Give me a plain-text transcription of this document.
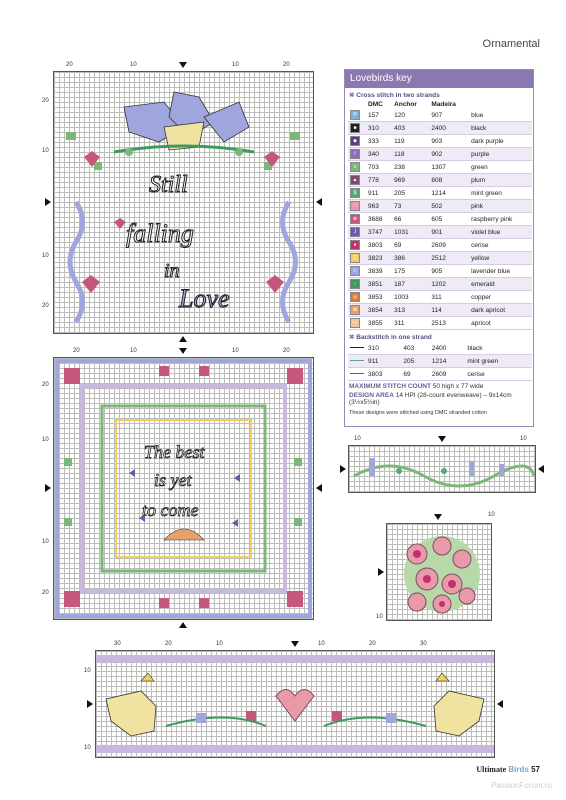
Ornamental
Still
falling
in
Love
20	10	10	20
20
10
10
20
The best
is yet
to come
20	10	10	20
20
10
10
20
Lovebirds key
✖ Cross stitch in two strands
	DMC	Anchor	Madeira	
P	157	120	907	blue
■	310	403	2400	black
◆	333	119	903	dark purple
I	340	118	902	purple
∨	703	238	1307	green
▲	778	969	808	plum
$	911	205	1214	mint green
♡	963	73	502	pink
⊗	3688	66	605	raspberry pink
J	3747	1031	901	violet blue
●	3803	69	2609	cerise
Z	3823	386	2512	yellow
⊂	3839	175	905	lavender blue
↑	3851	187	1202	emerald
◎	3853	1003	311	copper
✿	3854	313	114	dark apricot
—	3855	311	2513	apricot
✖ Backstitch in one strand
	310	403	2400	black
	911	205	1214	mint green
	3803	69	2609	cerise
MAXIMUM STITCH COUNT 50 high x 77 wide
DESIGN AREA 14 HPI (28-count evenweave) – 9x14cm (3½x5½in)
These designs were stitched using DMC stranded cotton
10	10
10
10
30	20	10	10	20	30
10
10
Ultimate Birds 57
PassionForum.ru
